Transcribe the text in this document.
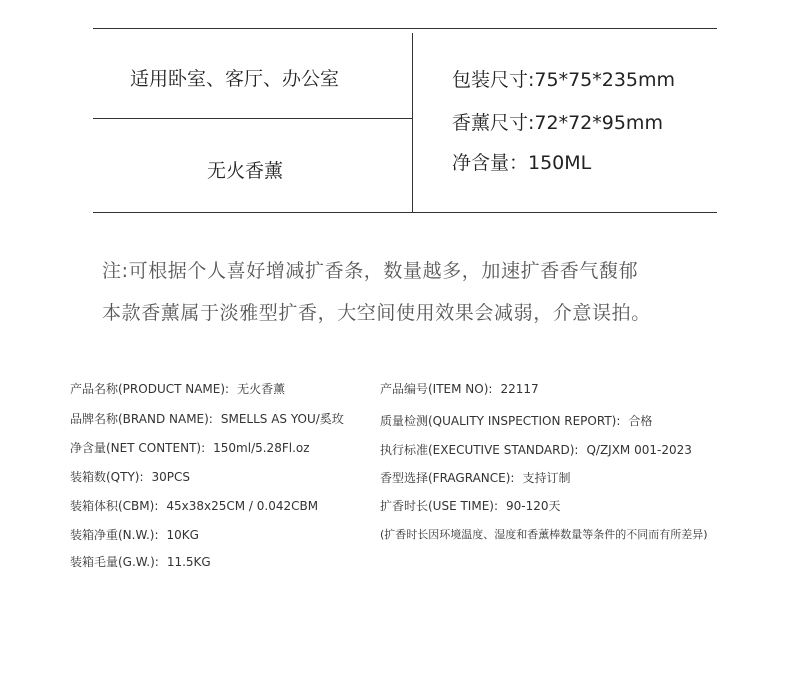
适用卧室、客厅、办公室
无火香薰
包装尺寸:75*75*235mm
香薰尺寸:72*72*95mm
净含量：150ML
注:可根据个人喜好增减扩香条，数量越多，加速扩香香气馥郁
本款香薰属于淡雅型扩香，大空间使用效果会减弱，介意误拍。
产品名称(PRODUCT NAME): 无火香薰
品牌名称(BRAND NAME): SMELLS AS YOU/奚玫
净含量(NET CONTENT): 150ml/5.28Fl.oz
装箱数(QTY): 30PCS
装箱体积(CBM): 45x38x25CM / 0.042CBM
装箱净重(N.W.): 10KG
装箱毛量(G.W.): 11.5KG
产品编号(ITEM NO): 22117
质量检测(QUALITY INSPECTION REPORT): 合格
执行标准(EXECUTIVE STANDARD): Q/ZJXM 001-2023
香型选择(FRAGRANCE): 支持订制
扩香时长(USE TIME): 90-120天
(扩香时长因环境温度、湿度和香薰棒数量等条件的不同而有所差异)
